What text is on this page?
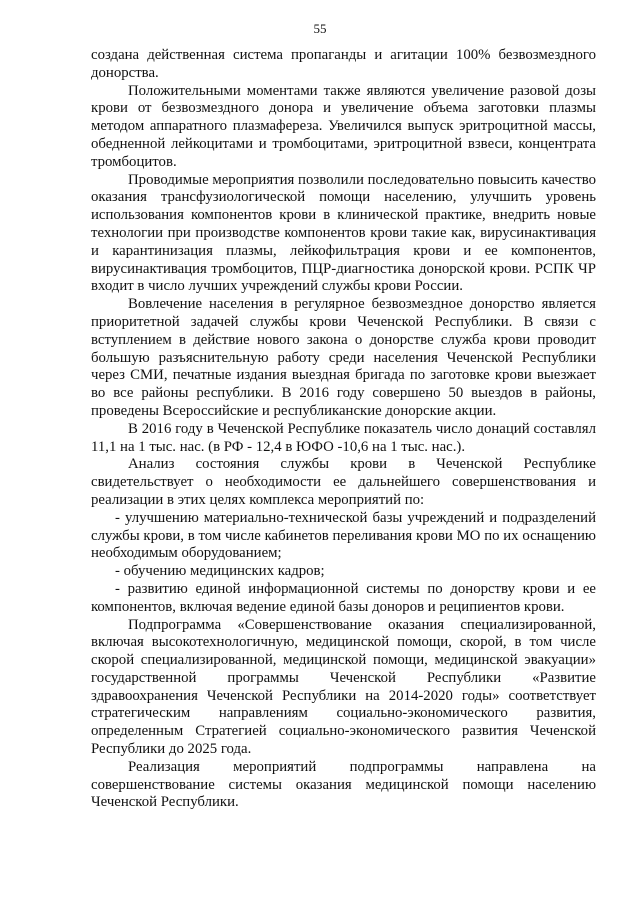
55

создана действенная система пропаганды и агитации 100% безвозмездного донорства.

Положительными моментами также являются увеличение разовой дозы крови от безвозмездного донора и увеличение объема заготовки плазмы методом аппаратного плазмафереза. Увеличился выпуск эритроцитной массы, обедненной лейкоцитами и тромбоцитами, эритроцитной взвеси, концентрата тромбоцитов.

Проводимые мероприятия позволили последовательно повысить качество оказания трансфузиологической помощи населению, улучшить уровень использования компонентов крови в клинической практике, внедрить новые технологии при производстве компонентов крови такие как, вирусинактивация и карантинизация плазмы, лейкофильтрация крови и ее компонентов, вирусинактивация тромбоцитов, ПЦР-диагностика донорской крови. РСПК ЧР входит в число лучших учреждений службы крови России.

Вовлечение населения в регулярное безвозмездное донорство является приоритетной задачей службы крови Чеченской Республики. В связи с вступлением в действие нового закона о донорстве служба крови проводит большую разъяснительную работу среди населения Чеченской Республики через СМИ, печатные издания выездная бригада по заготовке крови выезжает во все районы республики. В 2016 году совершено 50 выездов в районы, проведены Всероссийские и республиканские донорские акции.

В 2016 году в Чеченской Республике показатель число донаций составлял 11,1 на 1 тыс. нас. (в РФ - 12,4 в ЮФО -10,6 на 1 тыс. нас.).

Анализ состояния службы крови в Чеченской Республике свидетельствует о необходимости ее дальнейшего совершенствования и реализации в этих целях комплекса мероприятий по:

- улучшению материально-технической базы учреждений и подразделений службы крови, в том числе кабинетов переливания крови МО по их оснащению необходимым оборудованием;

- обучению медицинских кадров;

- развитию единой информационной системы по донорству крови и ее компонентов, включая ведение единой базы доноров и реципиентов крови.

Подпрограмма «Совершенствование оказания специализированной, включая высокотехнологичную, медицинской помощи, скорой, в том числе скорой специализированной, медицинской помощи, медицинской эвакуации» государственной программы Чеченской Республики «Развитие здравоохранения Чеченской Республики на 2014-2020 годы» соответствует стратегическим направлениям социально-экономического развития, определенным Стратегией социально-экономического развития Чеченской Республики до 2025 года.

Реализация мероприятий подпрограммы направлена на совершенствование системы оказания медицинской помощи населению Чеченской Республики.
